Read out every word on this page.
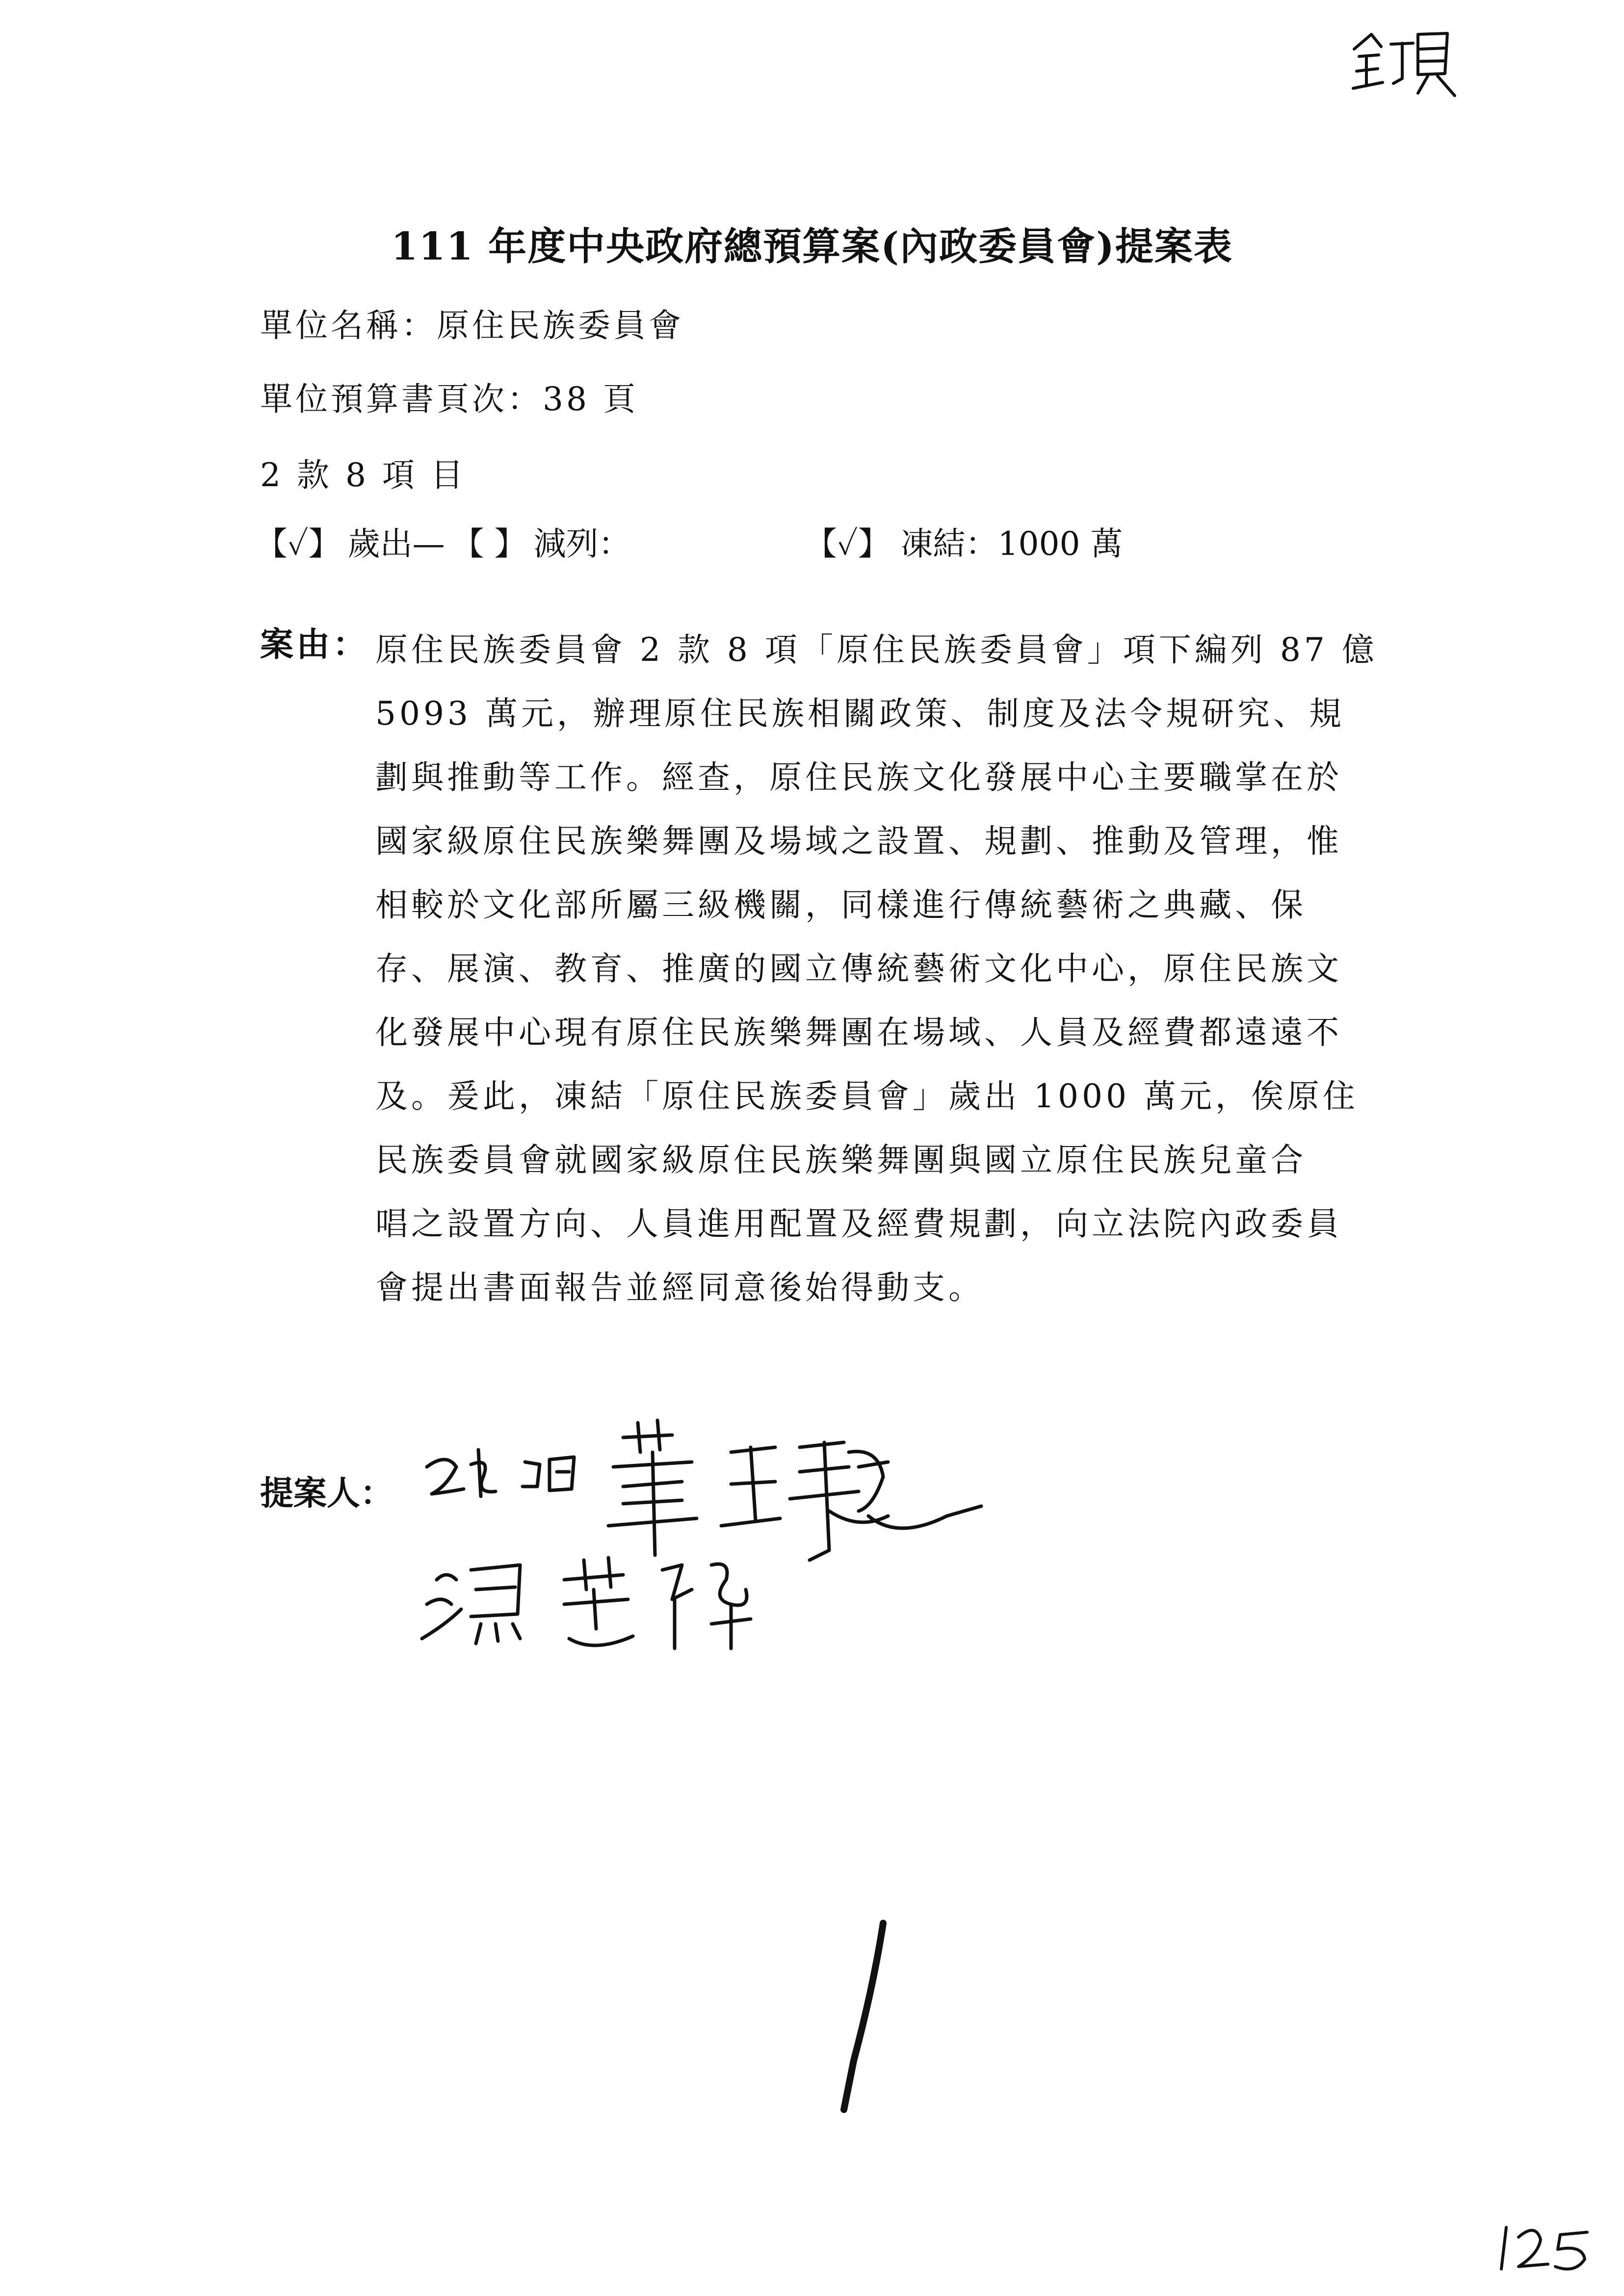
111 年度中央政府總預算案(內政委員會)提案表
單位名稱：原住民族委員會
單位預算書頁次：38 頁
2 款 8 項 目
【✓】 歲出— 【 】 減列：	【✓】 凍結：1000 萬
案由： 原住民族委員會 2 款 8 項「原住民族委員會」項下編列 87 億
5093 萬元，辦理原住民族相關政策、制度及法令規研究、規
劃與推動等工作。經查，原住民族文化發展中心主要職掌在於
國家級原住民族樂舞團及場域之設置、規劃、推動及管理，惟
相較於文化部所屬三級機關，同樣進行傳統藝術之典藏、保
存、展演、教育、推廣的國立傳統藝術文化中心，原住民族文
化發展中心現有原住民族樂舞團在場域、人員及經費都遠遠不
及。爰此，凍結「原住民族委員會」歲出 1000 萬元，俟原住
民族委員會就國家級原住民族樂舞團與國立原住民族兒童合
唱之設置方向、人員進用配置及經費規劃，向立法院內政委員
會提出書面報告並經同意後始得動支。
提案人：
